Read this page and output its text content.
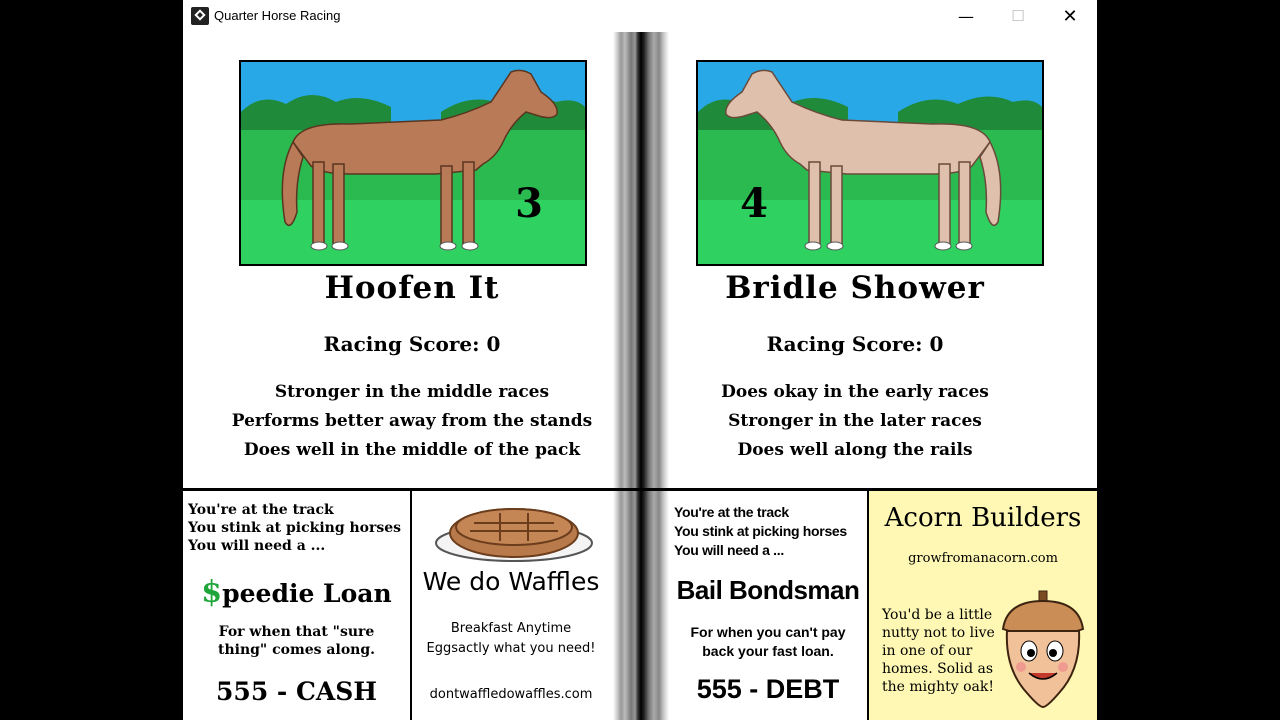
Quarter Horse Racing	—	☐	✕
3
Hoofen It
Racing Score: 0
Stronger in the middle races
Performs better away from the stands
Does well in the middle of the pack
4
Bridle Shower
Racing Score: 0
Does okay in the early races
Stronger in the later races
Does well along the rails
You're at the track
You stink at picking horses
You will need a ...
$peedie Loan
For when that "sure
thing" comes along.
555 - CASH
We do Waffles
Breakfast Anytime
Eggsactly what you need!
dontwaffledowaffles.com
You're at the track
You stink at picking horses
You will need a ...
Bail Bondsman
For when you can't pay
back your fast loan.
555 - DEBT
Acorn Builders
growfromanacorn.com
You'd be a little
nutty not to live
in one of our
homes. Solid as
the mighty oak!
